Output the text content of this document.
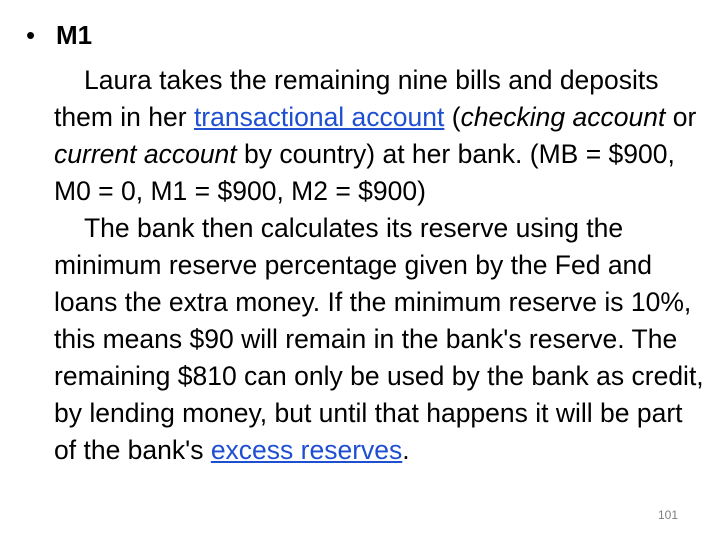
• M1

Laura takes the remaining nine bills and deposits them in her transactional account (checking account or current account by country) at her bank. (MB = $900, M0 = 0, M1 = $900, M2 = $900)

The bank then calculates its reserve using the minimum reserve percentage given by the Fed and loans the extra money. If the minimum reserve is 10%, this means $90 will remain in the bank's reserve. The remaining $810 can only be used by the bank as credit, by lending money, but until that happens it will be part of the bank's excess reserves.

101
